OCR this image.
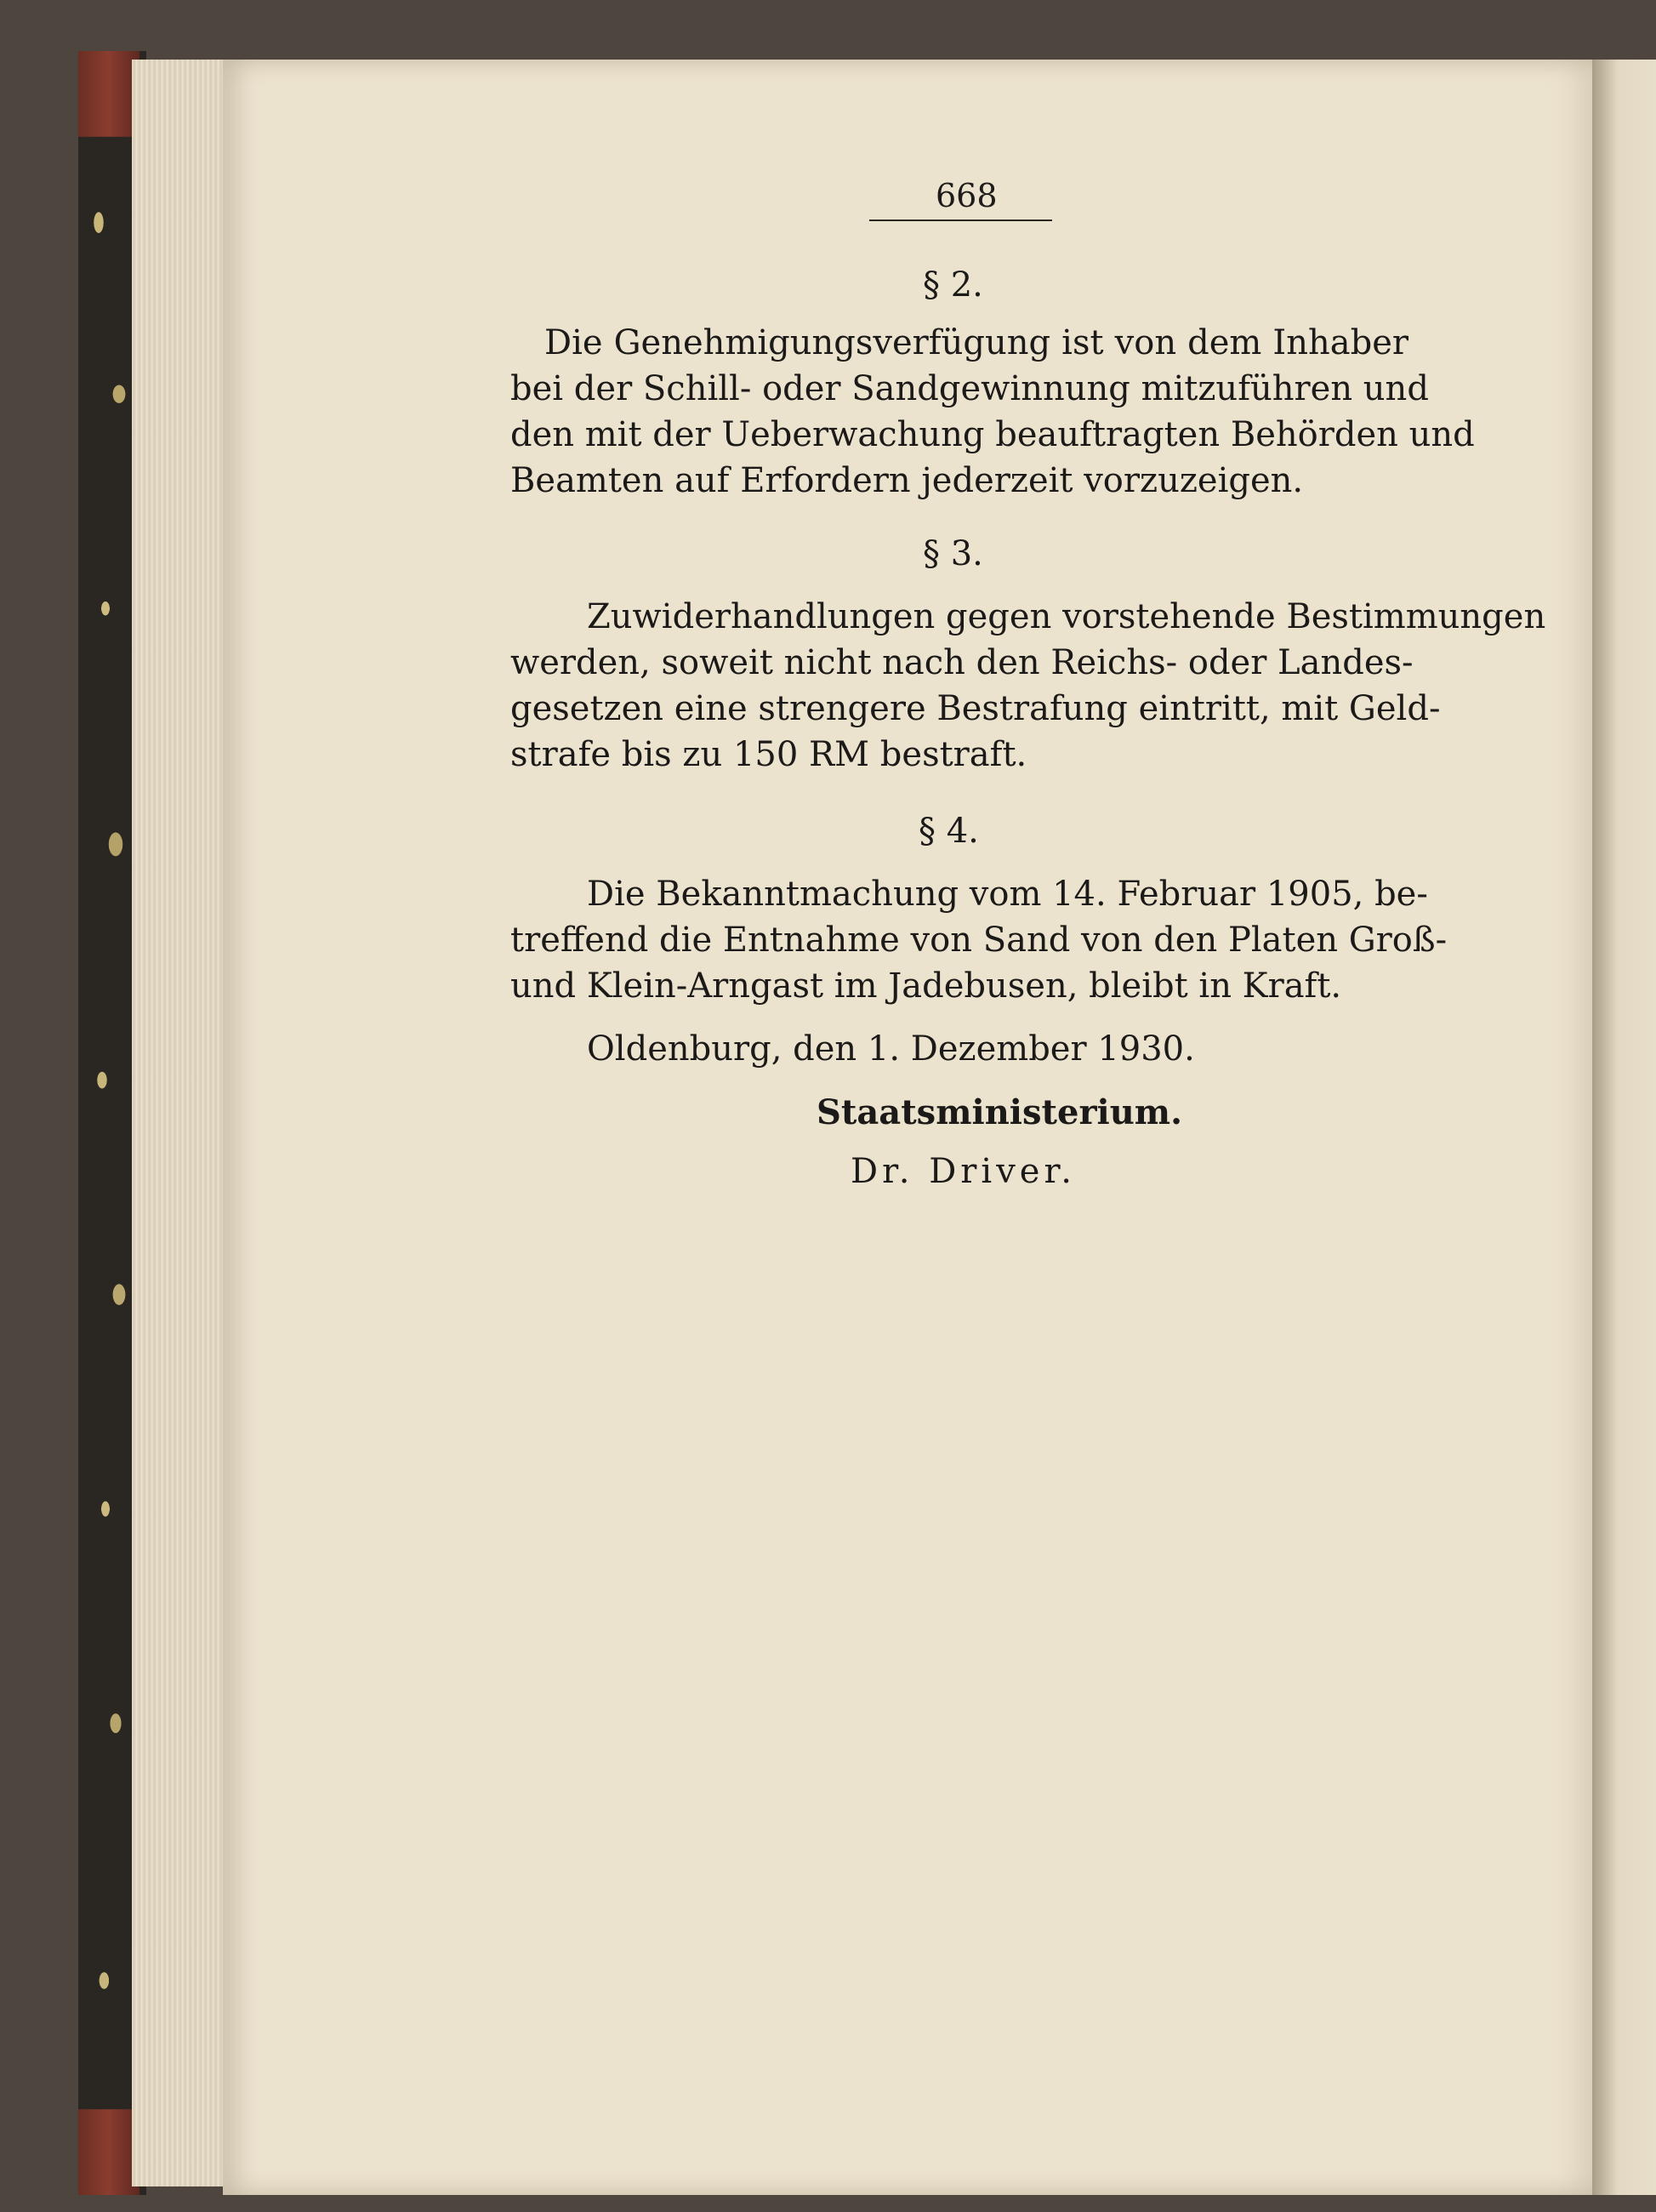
668
§ 2.
Die Genehmigungsverfügung ist von dem Inhaber
bei der Schill- oder Sandgewinnung mitzuführen und
den mit der Ueberwachung beauftragten Behörden und
Beamten auf Erfordern jederzeit vorzuzeigen.
§ 3.
Zuwiderhandlungen gegen vorstehende Bestimmungen
werden, soweit nicht nach den Reichs- oder Landes-
gesetzen eine strengere Bestrafung eintritt, mit Geld-
strafe bis zu 150 RM bestraft.
§ 4.
Die Bekanntmachung vom 14. Februar 1905, be-
treffend die Entnahme von Sand von den Platen Groß-
und Klein-Arngast im Jadebusen, bleibt in Kraft.
Oldenburg, den 1. Dezember 1930.
Staatsministerium.
Dr. Driver.
